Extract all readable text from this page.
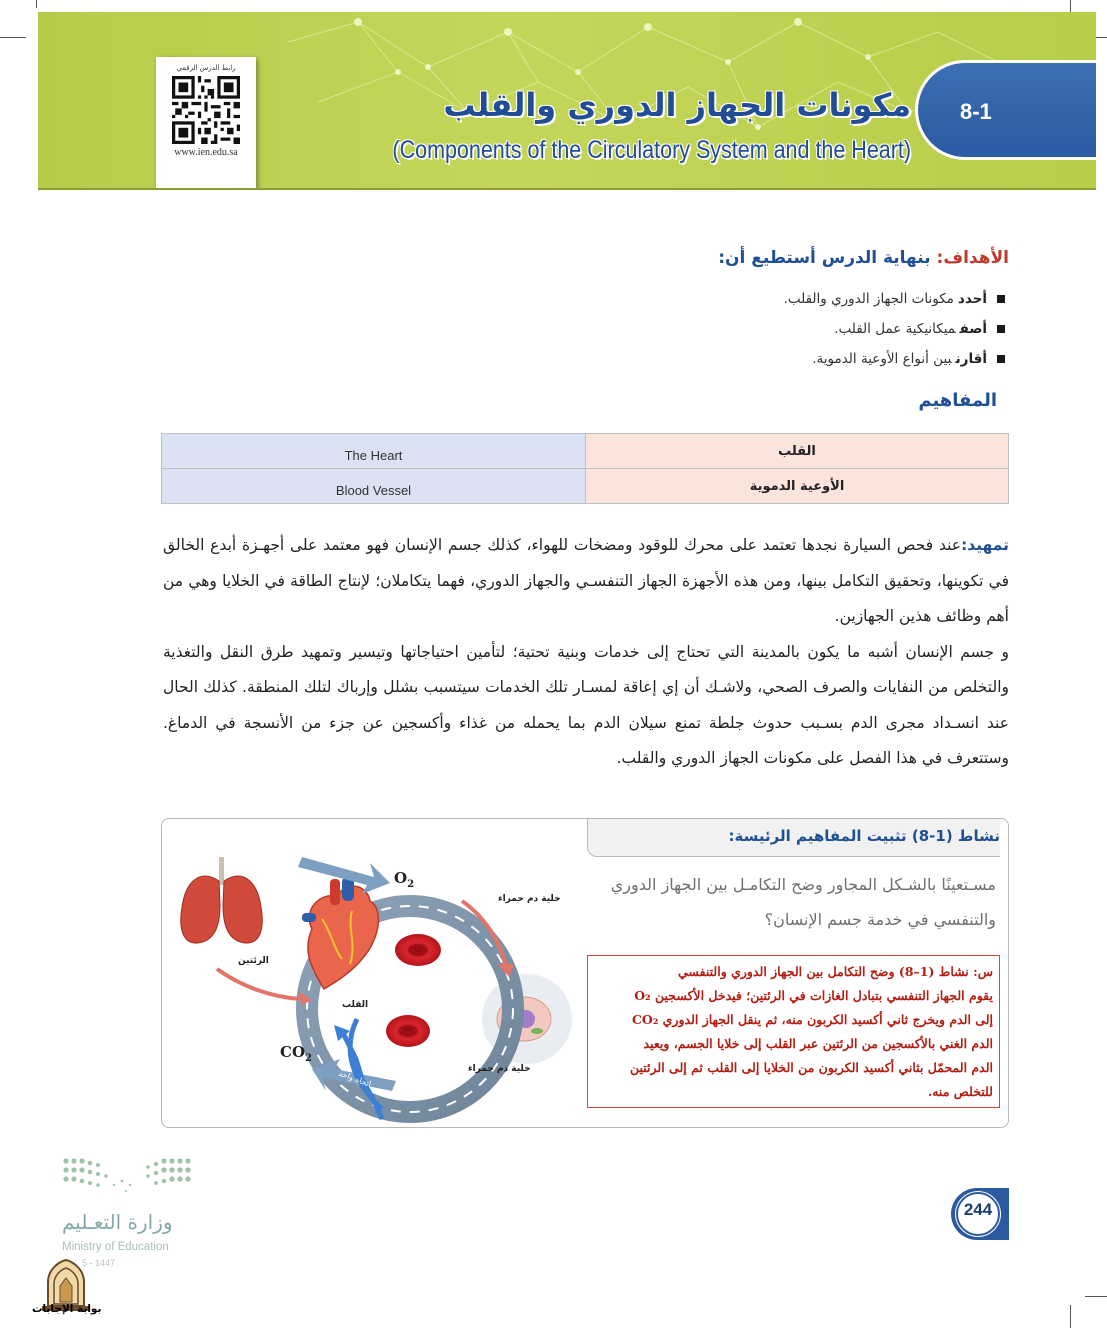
رابط الدرس الرقمي
www.ien.edu.sa
8-1
مكونات الجهاز الدوري والقلب
(Components of the Circulatory System and the Heart)
الأهداف: بنهاية الدرس أستطيع أن:
أحددمكونات الجهاز الدوري والقلب.
أصفميكانيكية عمل القلب.
أقارنبين أنواع الأوعية الدموية.
المفاهيم
The Heart	القلب
Blood Vessel	الأوعية الدموية

تمهيد:عند فحص السيارة نجدها تعتمد على محرك للوقود ومضخات للهواء، كذلك جسم الإنسان فهو معتمد على أجهـزة أبدع الخالق في تكوينها، وتحقيق التكامل بينها، ومن هذه الأجهزة الجهاز التنفسـي والجهاز الدوري، فهما يتكاملان؛ لإنتاج الطاقة في الخلايا وهي من أهم وظائف هذين الجهازين.

و جسم الإنسان أشبه ما يكون بالمدينة التي تحتاج إلى خدمات وبنية تحتية؛ لتأمين احتياجاتها وتيسير وتمهيد طرق النقل والتغذية والتخلص من النفايات والصرف الصحي، ولاشـك أن إي إعاقة لمسـار تلك الخدمات سيتسبب بشلل وإرباك لتلك المنطقة. كذلك الحال عند انسـداد مجرى الدم بسـبب حدوث جلطة تمنع سيلان الدم بما يحمله من غذاء وأكسجين عن جزء من الأنسجة في الدماغ. وستتعرف في هذا الفصل على مكونات الجهاز الدوري والقلب.

اتجاه واحد
اتجاه واحد
$O_2$
$CO_2$
خلية دم حمراء
خلية دم حمراء
الرئتين
القلب
نشاط (1-8) تثبيت المفاهيم الرئيسة:
مسـتعينًا بالشـكل المجاور وضح التكامـل بين الجهاز الدوري والتنفسي في خدمة جسم الإنسان؟

س: نشاط (1–8) وضح التكامل بين الجهاز الدوري والتنفسي

يقوم الجهاز التنفسي بتبادل الغازات في الرئتين؛ فيدخل الأكسجين O₂

إلى الدم ويخرج ثاني أكسيد الكربون منه، ثم ينقل الجهاز الدوري CO₂

الدم الغني بالأكسجين من الرئتين عبر القلب إلى خلايا الجسم، ويعيد

الدم المحمّل بثاني أكسيد الكربون من الخلايا إلى القلب ثم إلى الرئتين

للتخلص منه.

وزارة التعـليم
Ministry of Education
5 - 1447
بوابة الإجابات
244
